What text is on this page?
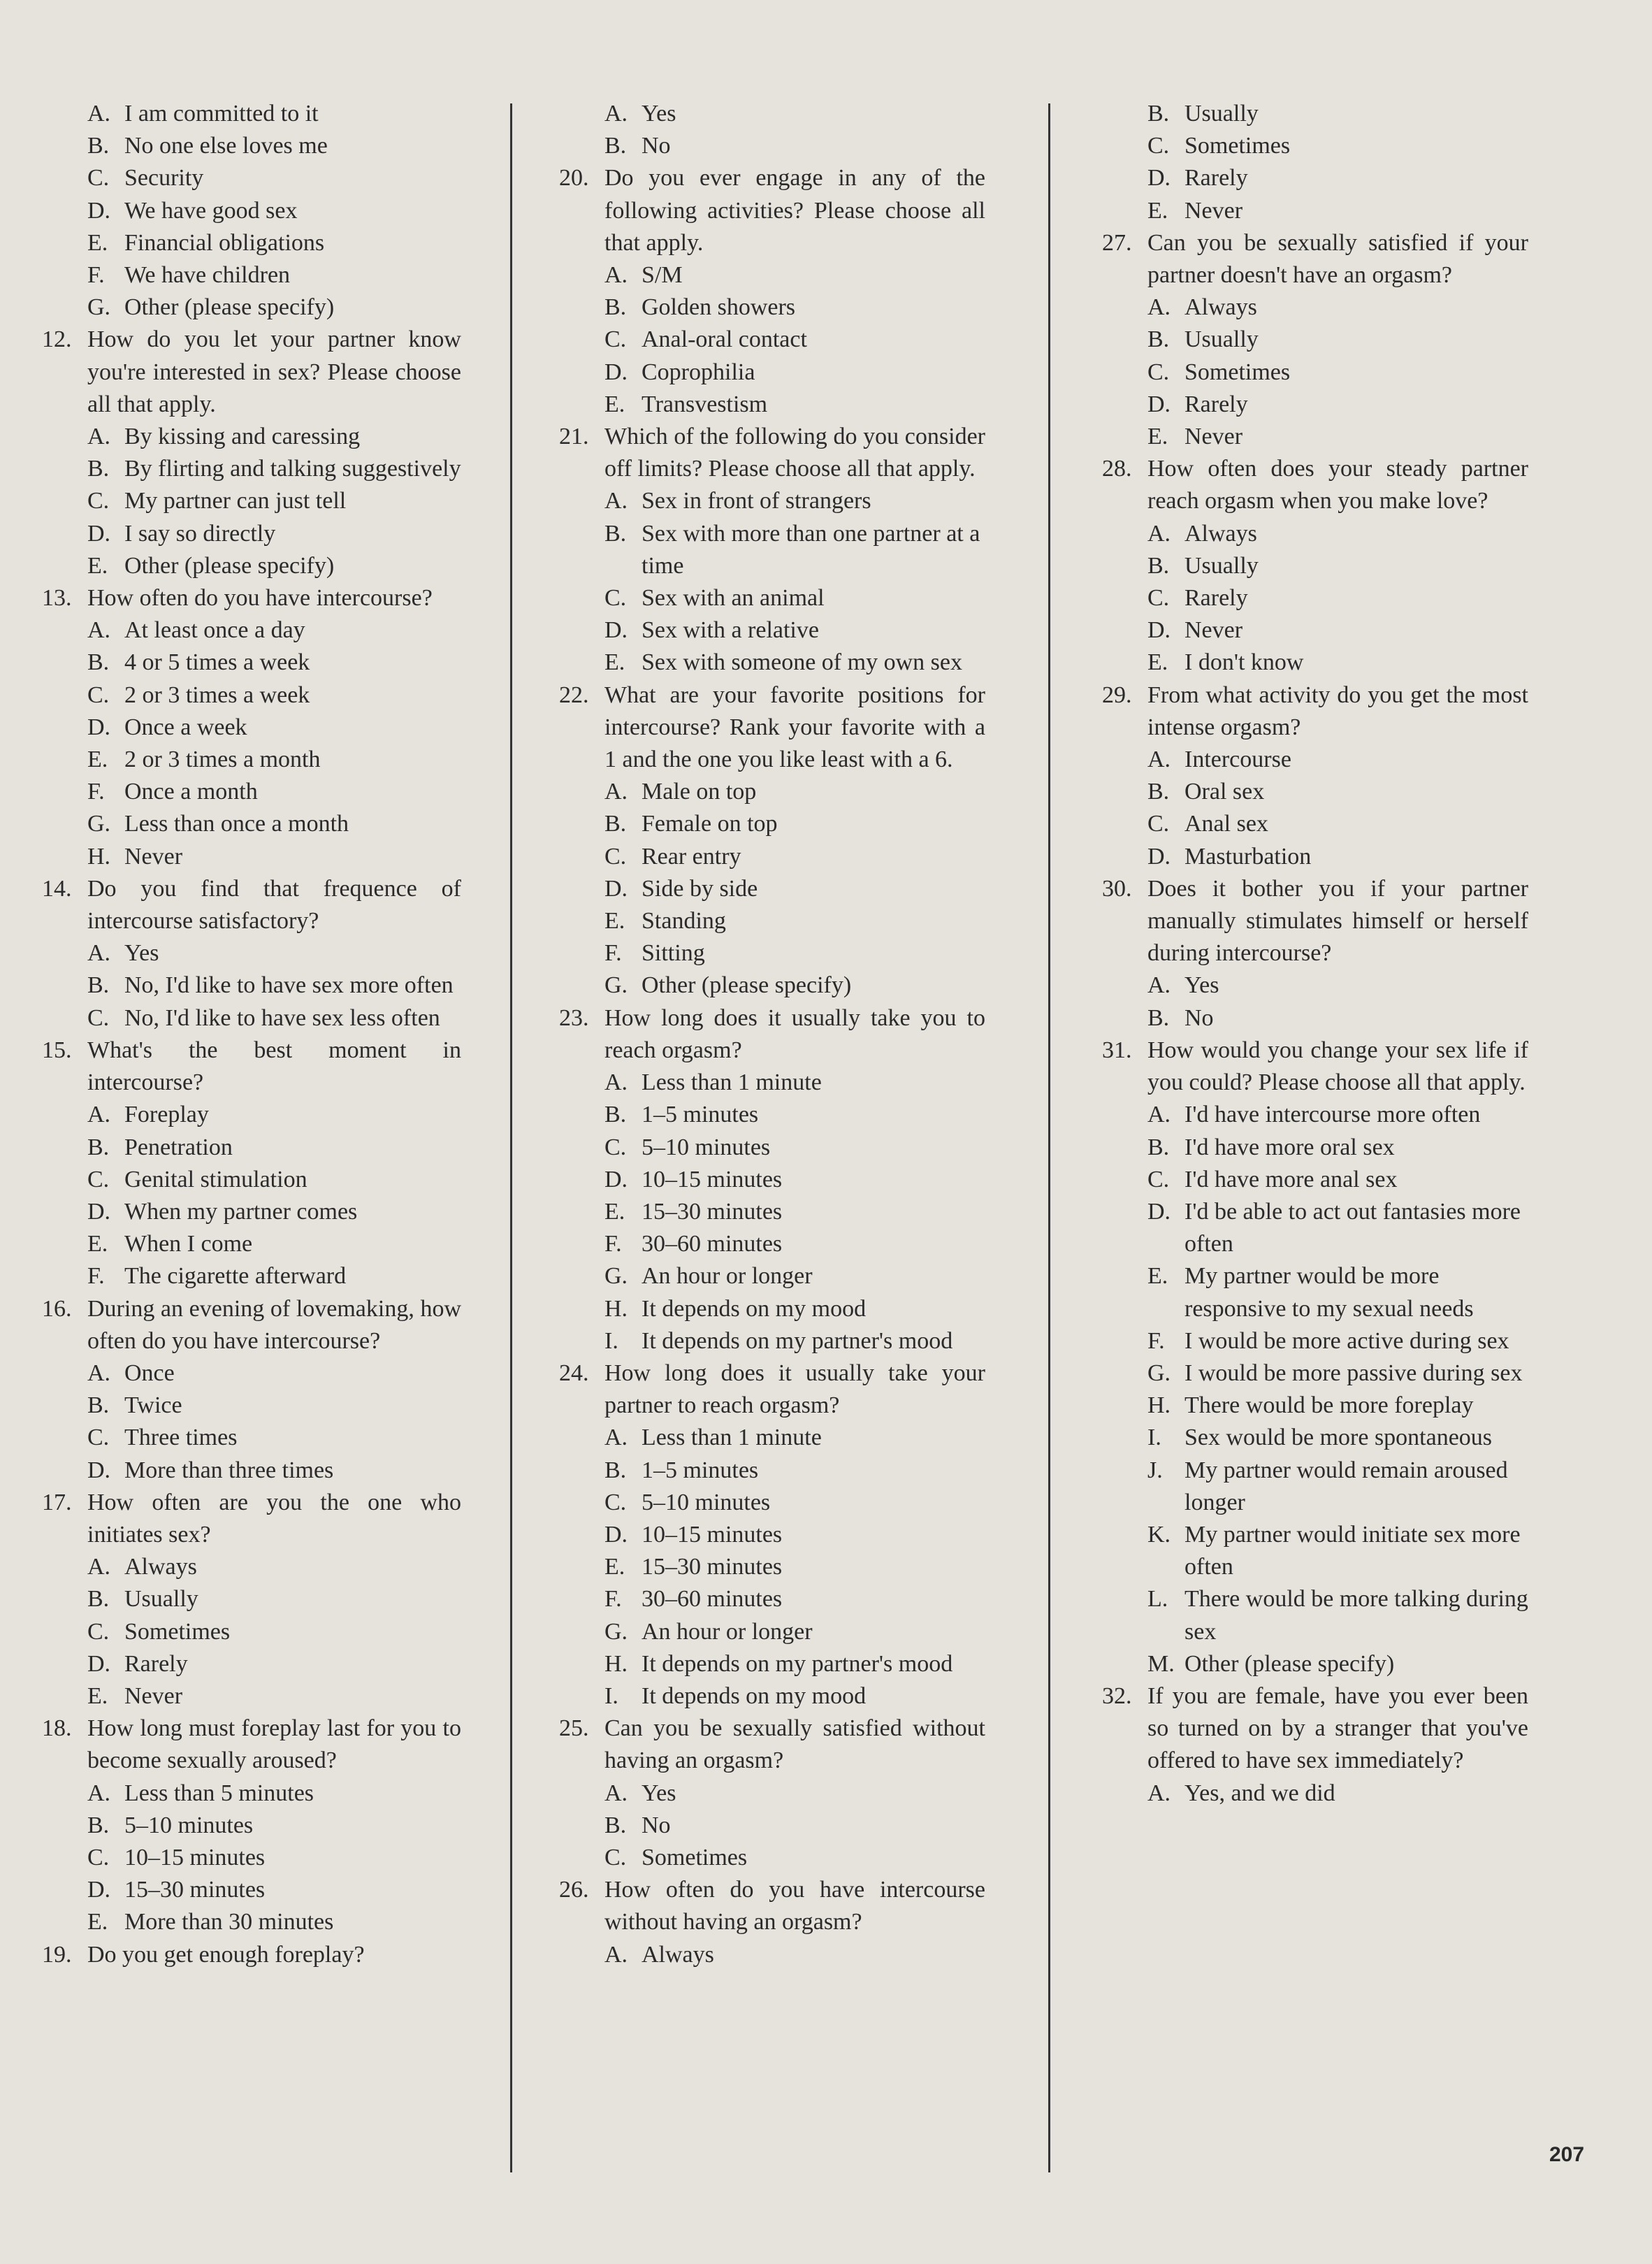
A. I am committed to it
B. No one else loves me
C. Security
D. We have good sex
E. Financial obligations
F. We have children
G. Other (please specify)
12. How do you let your partner know you're interested in sex? Please choose all that apply.
A. By kissing and caressing
B. By flirting and talking suggestively
C. My partner can just tell
D. I say so directly
E. Other (please specify)
13. How often do you have intercourse?
A. At least once a day
B. 4 or 5 times a week
C. 2 or 3 times a week
D. Once a week
E. 2 or 3 times a month
F. Once a month
G. Less than once a month
H. Never
14. Do you find that frequence of intercourse satisfactory?
A. Yes
B. No, I'd like to have sex more often
C. No, I'd like to have sex less often
15. What's the best moment in intercourse?
A. Foreplay
B. Penetration
C. Genital stimulation
D. When my partner comes
E. When I come
F. The cigarette afterward
16. During an evening of lovemaking, how often do you have intercourse?
A. Once
B. Twice
C. Three times
D. More than three times
17. How often are you the one who initiates sex?
A. Always
B. Usually
C. Sometimes
D. Rarely
E. Never
18. How long must foreplay last for you to become sexually aroused?
A. Less than 5 minutes
B. 5–10 minutes
C. 10–15 minutes
D. 15–30 minutes
E. More than 30 minutes
19. Do you get enough foreplay?
A. Yes
B. No
20. Do you ever engage in any of the following activities? Please choose all that apply.
A. S/M
B. Golden showers
C. Anal-oral contact
D. Coprophilia
E. Transvestism
21. Which of the following do you consider off limits? Please choose all that apply.
A. Sex in front of strangers
B. Sex with more than one partner at a time
C. Sex with an animal
D. Sex with a relative
E. Sex with someone of my own sex
22. What are your favorite positions for intercourse? Rank your favorite with a 1 and the one you like least with a 6.
A. Male on top
B. Female on top
C. Rear entry
D. Side by side
E. Standing
F. Sitting
G. Other (please specify)
23. How long does it usually take you to reach orgasm?
A. Less than 1 minute
B. 1–5 minutes
C. 5–10 minutes
D. 10–15 minutes
E. 15–30 minutes
F. 30–60 minutes
G. An hour or longer
H. It depends on my mood
I. It depends on my partner's mood
24. How long does it usually take your partner to reach orgasm?
A. Less than 1 minute
B. 1–5 minutes
C. 5–10 minutes
D. 10–15 minutes
E. 15–30 minutes
F. 30–60 minutes
G. An hour or longer
H. It depends on my partner's mood
I. It depends on my mood
25. Can you be sexually satisfied without having an orgasm?
A. Yes
B. No
C. Sometimes
26. How often do you have intercourse without having an orgasm?
A. Always
B. Usually
C. Sometimes
D. Rarely
E. Never
27. Can you be sexually satisfied if your partner doesn't have an orgasm?
A. Always
B. Usually
C. Sometimes
D. Rarely
E. Never
28. How often does your steady partner reach orgasm when you make love?
A. Always
B. Usually
C. Rarely
D. Never
E. I don't know
29. From what activity do you get the most intense orgasm?
A. Intercourse
B. Oral sex
C. Anal sex
D. Masturbation
30. Does it bother you if your partner manually stimulates himself or herself during intercourse?
A. Yes
B. No
31. How would you change your sex life if you could? Please choose all that apply.
A. I'd have intercourse more often
B. I'd have more oral sex
C. I'd have more anal sex
D. I'd be able to act out fantasies more often
E. My partner would be more responsive to my sexual needs
F. I would be more active during sex
G. I would be more passive during sex
H. There would be more foreplay
I. Sex would be more spontaneous
J. My partner would remain aroused longer
K. My partner would initiate sex more often
L. There would be more talking during sex
M. Other (please specify)
32. If you are female, have you ever been so turned on by a stranger that you've offered to have sex immediately?
A. Yes, and we did
207
